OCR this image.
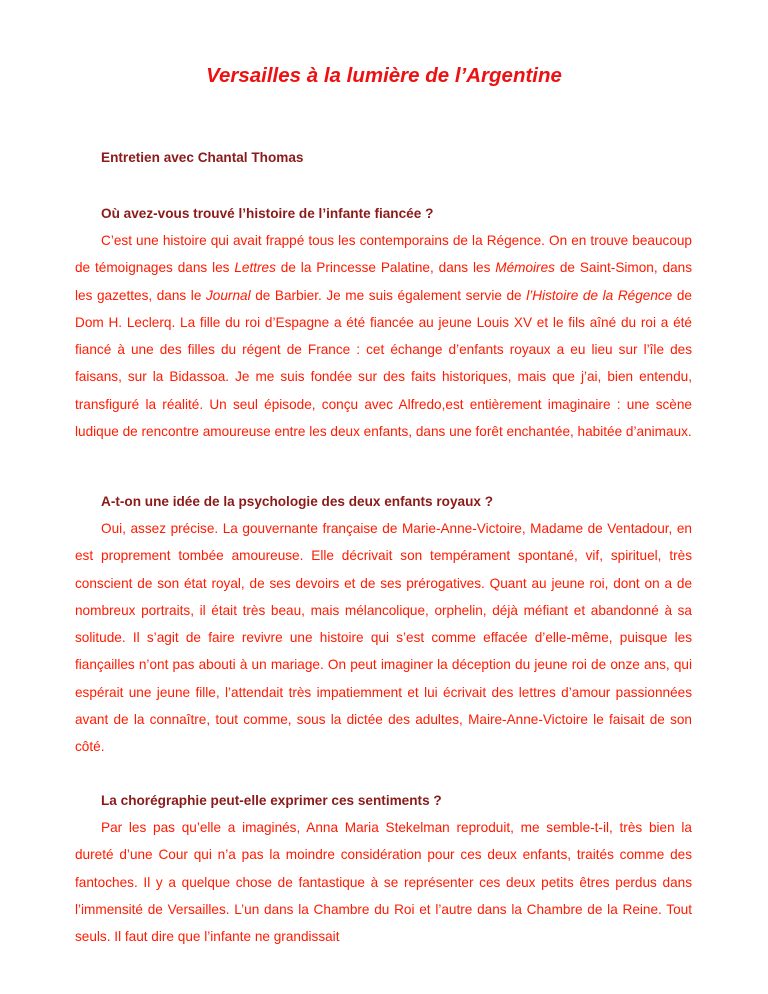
Versailles à la lumière de l’Argentine

Entretien avec Chantal Thomas

Où avez-vous trouvé l’histoire de l’infante fiancée ?

C’est une histoire qui avait frappé tous les contemporains de la Régence. On en trouve beaucoup de témoignages dans les Lettres de la Princesse Palatine, dans les Mémoires de Saint-Simon, dans les gazettes, dans le Journal de Barbier. Je me suis également servie de l’Histoire de la Régence de Dom H. Leclerq. La fille du roi d’Espagne a été fiancée au jeune Louis XV et le fils aîné du roi a été fiancé à une des filles du régent de France : cet échange d’enfants royaux a eu lieu sur l’île des faisans, sur la Bidassoa. Je me suis fondée sur des faits historiques, mais que j’ai, bien entendu, transfiguré la réalité. Un seul épisode, conçu avec Alfredo,est entièrement imaginaire : une scène ludique de rencontre amoureuse entre les deux enfants, dans une forêt enchantée, habitée d’animaux.

A-t-on une idée de la psychologie des deux enfants royaux ?

Oui, assez précise. La gouvernante française de Marie-Anne-Victoire, Madame de Ventadour, en est proprement tombée amoureuse. Elle décrivait son tempérament spontané, vif, spirituel, très conscient de son état royal, de ses devoirs et de ses prérogatives. Quant au jeune roi, dont on a de nombreux portraits, il était très beau, mais mélancolique, orphelin, déjà méfiant et abandonné à sa solitude. Il s’agit de faire revivre une histoire qui s’est comme effacée d’elle-même, puisque les fiançailles n’ont pas abouti à un mariage. On peut imaginer la déception du jeune roi de onze ans, qui espérait une jeune fille, l’attendait très impatiemment et lui écrivait des lettres d’amour passionnées avant de la connaître, tout comme, sous la dictée des adultes, Maire-Anne-Victoire le faisait de son côté.

La chorégraphie peut-elle exprimer ces sentiments ?

Par les pas qu’elle a imaginés, Anna Maria Stekelman reproduit, me semble-t-il, très bien la dureté d’une Cour qui n’a pas la moindre considération pour ces deux enfants, traités comme des fantoches. Il y a quelque chose de fantastique à se représenter ces deux petits êtres perdus dans l’immensité de Versailles. L’un dans la Chambre du Roi et l’autre dans la Chambre de la Reine. Tout seuls. Il faut dire que l’infante ne grandissait
